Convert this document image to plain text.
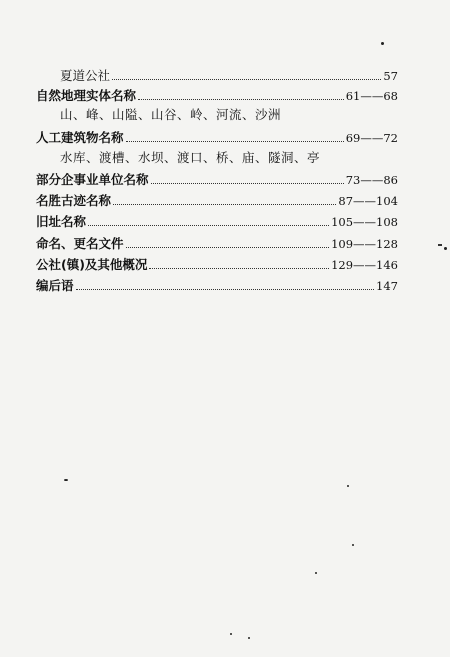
夏道公社	57
自然地理实体名称	61——68
山、峰、山隘、山谷、岭、河流、沙洲
人工建筑物名称	69——72
水库、渡槽、水坝、渡口、桥、庙、隧洞、亭
部分企事业单位名称	73——86
名胜古迹名称	87——104
旧址名称	105——108
命名、更名文件	109——128
公社(镇)及其他概况	129——146
编后语	147
